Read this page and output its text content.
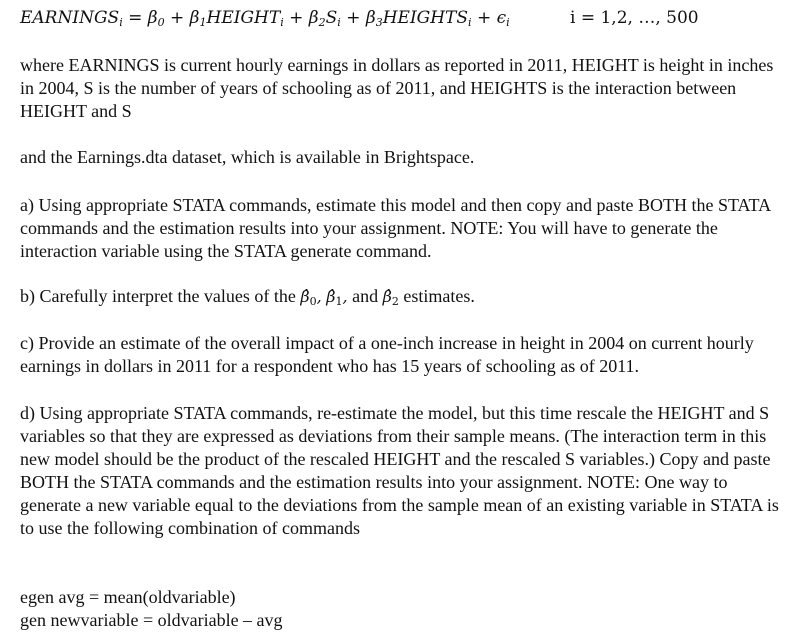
$EARNINGS_i = \beta_0$ + $\beta_1HEIGHT_i + \beta_2S_i$ + $\beta_3HEIGHTS_i + \epsilon_i$	i = 1,2, …, 500

where EARNINGS is current hourly earnings in dollars as reported in 2011, HEIGHT is height in inches in 2004, S is the number of years of schooling as of 2011, and HEIGHTS is the interaction between HEIGHT and S

and the Earnings.dta dataset, which is available in Brightspace.

a) Using appropriate STATA commands, estimate this model and then copy and paste BOTH the STATA commands and the estimation results into your assignment. NOTE: You will have to generate the interaction variable using the STATA generate command.

b) Carefully interpret the values of the $\betâ_0$, $\betâ_1$, and $\betâ_2$ estimates.

c) Provide an estimate of the overall impact of a one-inch increase in height in 2004 on current hourly earnings in dollars in 2011 for a respondent who has 15 years of schooling as of 2011.

d) Using appropriate STATA commands, re-estimate the model, but this time rescale the HEIGHT and S variables so that they are expressed as deviations from their sample means. (The interaction term in this new model should be the product of the rescaled HEIGHT and the rescaled S variables.) Copy and paste BOTH the STATA commands and the estimation results into your assignment. NOTE: One way to generate a new variable equal to the deviations from the sample mean of an existing variable in STATA is to use the following combination of commands

egen avg = mean(oldvariable)

gen newvariable = oldvariable – avg
